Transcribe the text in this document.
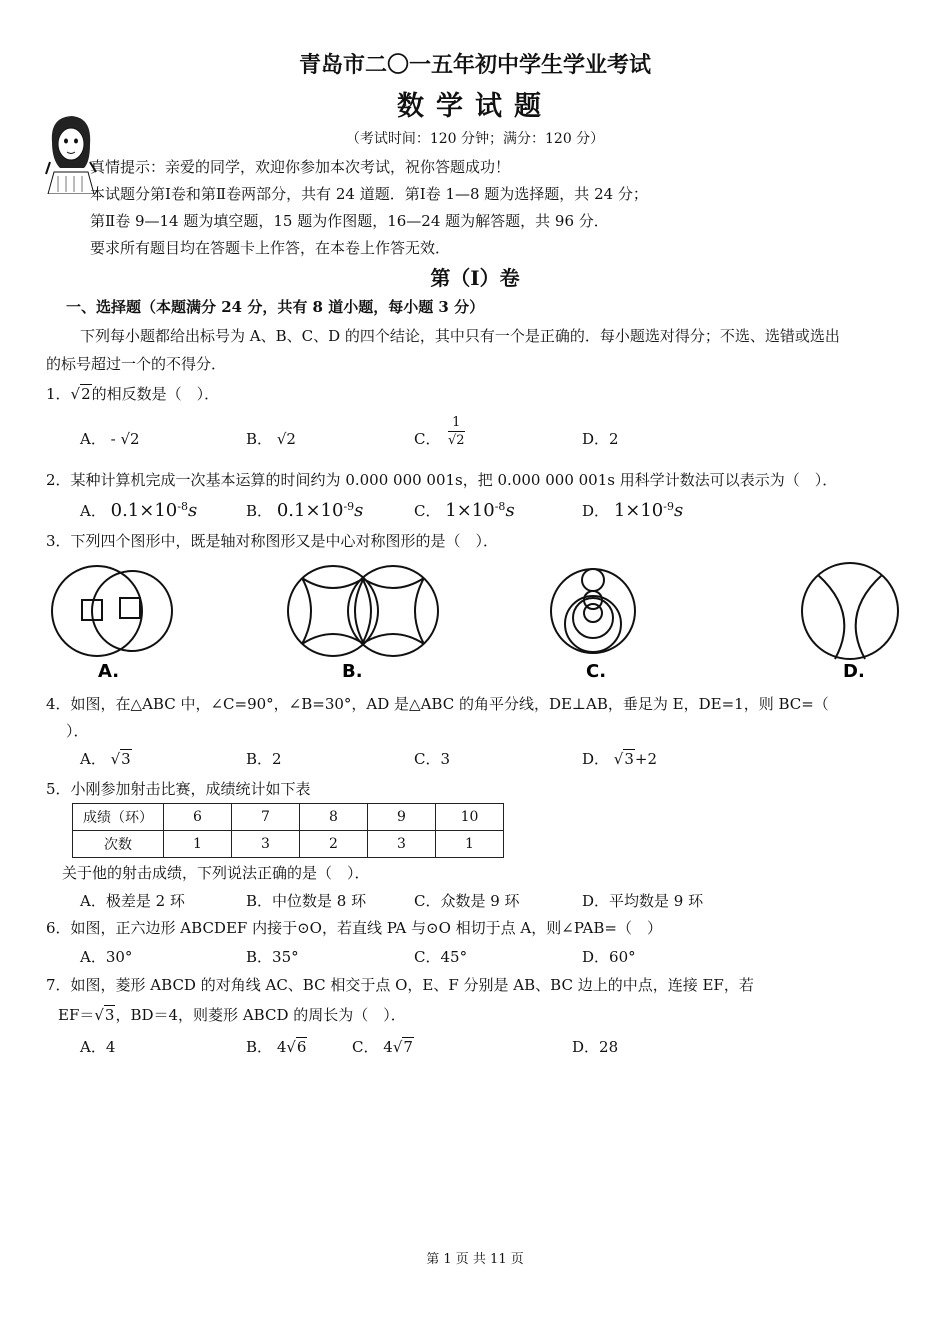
青岛市二〇一五年初中学生学业考试
数学试题
（考试时间：120 分钟；满分：120 分）
真情提示：亲爱的同学，欢迎你参加本次考试，祝你答题成功！
本试题分第Ⅰ卷和第Ⅱ卷两部分，共有 24 道题．第Ⅰ卷 1—8 题为选择题，共 24 分；
第Ⅱ卷 9—14 题为填空题，15 题为作图题，16—24 题为解答题，共 96 分．
要求所有题目均在答题卡上作答，在本卷上作答无效．
第（Ⅰ）卷
一、选择题（本题满分 24 分，共有 8 道小题，每小题 3 分）
下列每小题都给出标号为 A、B、C、D 的四个结论，其中只有一个是正确的．每小题选对得分；不选、选错或选出
的标号超过一个的不得分．
1．√2的相反数是（　）．
A． - √2	B． √2	C．
1
√2	D．2
2．某种计算机完成一次基本运算的时间约为 0.000 000 001s，把 0.000 000 001s 用科学计数法可以表示为（　）．
A． $0.1\times 10^{-8}s$	B． $0.1\times 10^{-9}s$	C． $1\times 10^{-8}s$	D． $1\times 10^{-9}s$
3．下列四个图形中，既是轴对称图形又是中心对称图形的是（　）．
A.	B.	C.	D.
4．如图，在△ABC 中，∠C=90°，∠B=30°，AD 是△ABC 的角平分线，DE⊥AB，垂足为 E，DE=1，则 BC=（
）．
A． √3	B．2	C．3	D． √3+2
5．小刚参加射击比赛，成绩统计如下表
成绩（环）	6	7	8	9	10
次数	1	3	2	3	1
关于他的射击成绩，下列说法正确的是（　）．
A．极差是 2 环	B．中位数是 8 环	C．众数是 9 环	D．平均数是 9 环
6．如图，正六边形 ABCDEF 内接于⊙O，若直线 PA 与⊙O 相切于点 A，则∠PAB=（　）
A．30°	B．35°	C．45°	D．60°
7．如图，菱形 ABCD 的对角线 AC、BC 相交于点 O，E、F 分别是 AB、BC 边上的中点，连接 EF，若
EF＝√3，BD＝4，则菱形 ABCD 的周长为（　）．
A．4	B． 4√6	C． 4√7	D．28
第 1 页 共 11 页
